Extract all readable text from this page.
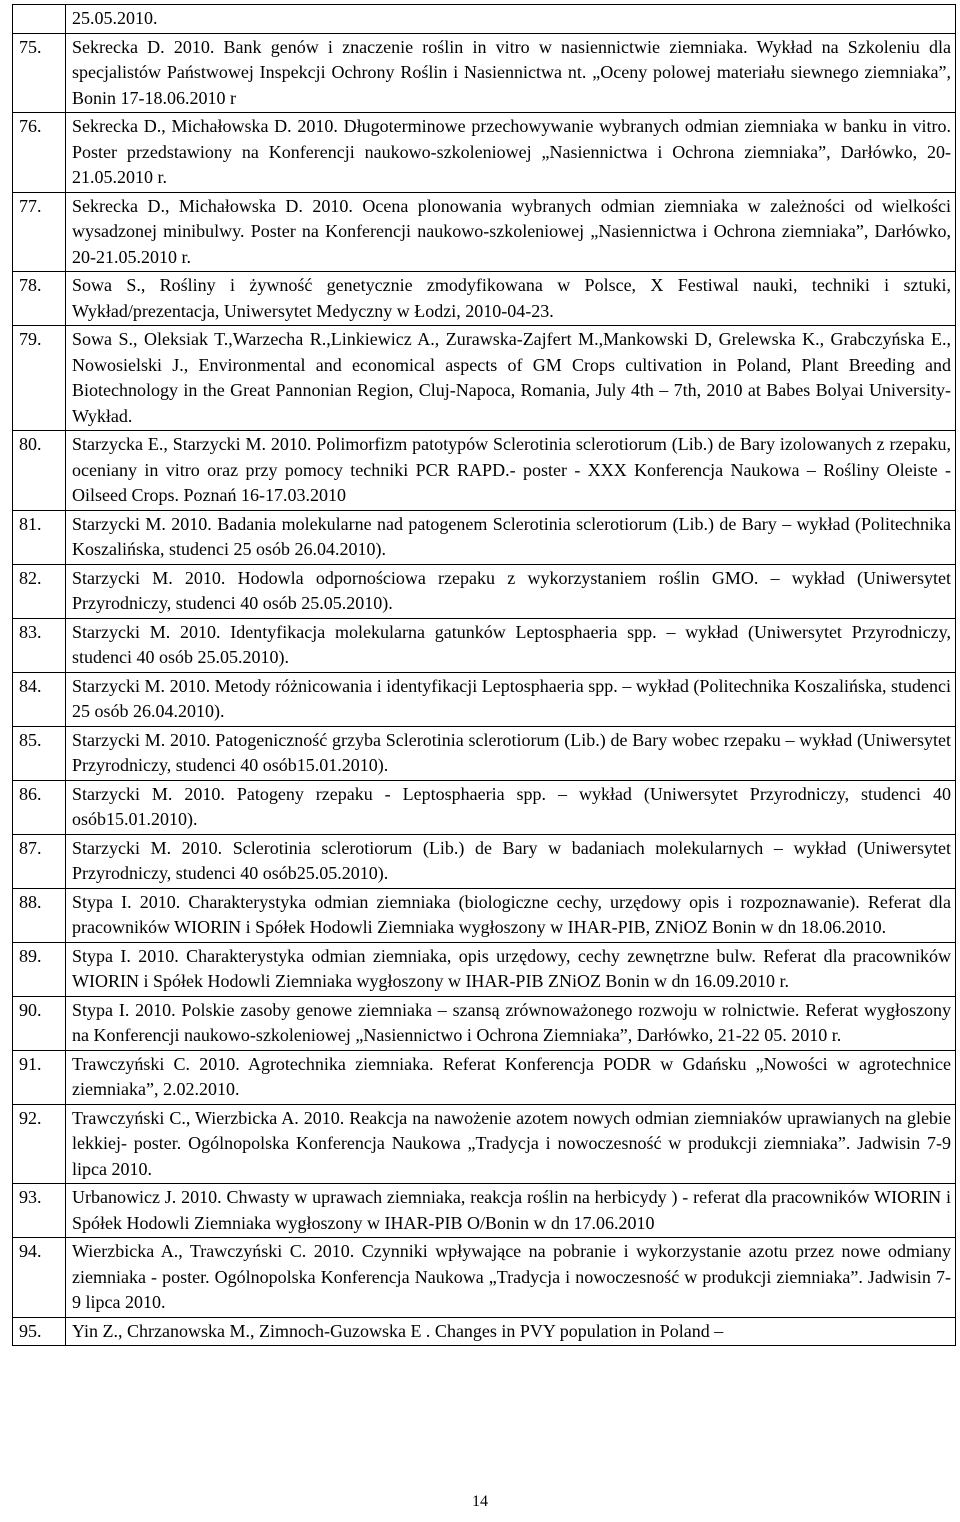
	25.05.2010.
75.	Sekrecka D. 2010. Bank genów i znaczenie roślin in vitro w nasiennictwie ziemniaka. Wykład na Szkoleniu dla specjalistów Państwowej Inspekcji Ochrony Roślin i Nasiennictwa nt. „Oceny polowej materiału siewnego ziemniaka”, Bonin 17-18.06.2010 r
76.	Sekrecka D., Michałowska D. 2010. Długoterminowe przechowywanie wybranych odmian ziemniaka w banku in vitro. Poster przedstawiony na Konferencji naukowo-szkoleniowej „Nasiennictwa i Ochrona ziemniaka”, Darłówko, 20-21.05.2010 r.
77.	Sekrecka D., Michałowska D. 2010. Ocena plonowania wybranych odmian ziemniaka w zależności od wielkości wysadzonej minibulwy. Poster na Konferencji naukowo-szkoleniowej „Nasiennictwa i Ochrona ziemniaka”, Darłówko, 20-21.05.2010 r.
78.	Sowa S., Rośliny i żywność genetycznie zmodyfikowana w Polsce, X Festiwal nauki, techniki i sztuki, Wykład/prezentacja, Uniwersytet Medyczny w Łodzi, 2010-04-23.
79.	Sowa S., Oleksiak T.,Warzecha R.,Linkiewicz A., Zurawska-Zajfert M.,Mankowski D, Grelewska K., Grabczyńska E., Nowosielski J., Environmental and economical aspects of GM Crops cultivation in Poland, Plant Breeding and Biotechnology in the Great Pannonian Region, Cluj-Napoca, Romania, July 4th – 7th, 2010 at Babes Bolyai University- Wykład.
80.	Starzycka E., Starzycki M. 2010. Polimorfizm patotypów Sclerotinia sclerotiorum (Lib.) de Bary izolowanych z rzepaku, oceniany in vitro oraz przy pomocy techniki PCR RAPD.- poster - XXX Konferencja Naukowa – Rośliny Oleiste - Oilseed Crops. Poznań 16-17.03.2010
81.	Starzycki M. 2010. Badania molekularne nad patogenem Sclerotinia sclerotiorum (Lib.) de Bary – wykład (Politechnika Koszalińska, studenci 25 osób 26.04.2010).
82.	Starzycki M. 2010. Hodowla odpornościowa rzepaku z wykorzystaniem roślin GMO. – wykład (Uniwersytet Przyrodniczy, studenci 40 osób 25.05.2010).
83.	Starzycki M. 2010. Identyfikacja molekularna gatunków Leptosphaeria spp. – wykład (Uniwersytet Przyrodniczy, studenci 40 osób 25.05.2010).
84.	Starzycki M. 2010. Metody różnicowania i identyfikacji Leptosphaeria spp. – wykład (Politechnika Koszalińska, studenci 25 osób 26.04.2010).
85.	Starzycki M. 2010. Patogeniczność grzyba Sclerotinia sclerotiorum (Lib.) de Bary wobec rzepaku – wykład (Uniwersytet Przyrodniczy, studenci 40 osób15.01.2010).
86.	Starzycki M. 2010. Patogeny rzepaku - Leptosphaeria spp. – wykład (Uniwersytet Przyrodniczy, studenci 40 osób15.01.2010).
87.	Starzycki M. 2010. Sclerotinia sclerotiorum (Lib.) de Bary w badaniach molekularnych – wykład (Uniwersytet Przyrodniczy, studenci 40 osób25.05.2010).
88.	Stypa I. 2010. Charakterystyka odmian ziemniaka (biologiczne cechy, urzędowy opis i rozpoznawanie). Referat dla pracowników WIORIN i Spółek Hodowli Ziemniaka wygłoszony w IHAR-PIB, ZNiOZ Bonin w dn 18.06.2010.
89.	Stypa I. 2010. Charakterystyka odmian ziemniaka, opis urzędowy, cechy zewnętrzne bulw. Referat dla pracowników WIORIN i Spółek Hodowli Ziemniaka wygłoszony w IHAR-PIB ZNiOZ Bonin w dn 16.09.2010 r.
90.	Stypa I. 2010. Polskie zasoby genowe ziemniaka – szansą zrównoważonego rozwoju w rolnictwie. Referat wygłoszony na Konferencji naukowo-szkoleniowej „Nasiennictwo i Ochrona Ziemniaka”, Darłówko, 21-22 05. 2010 r.
91.	Trawczyński C. 2010. Agrotechnika ziemniaka. Referat Konferencja PODR w Gdańsku „Nowości w agrotechnice ziemniaka”, 2.02.2010.
92.	Trawczyński C., Wierzbicka A. 2010. Reakcja na nawożenie azotem nowych odmian ziemniaków uprawianych na glebie lekkiej- poster. Ogólnopolska Konferencja Naukowa „Tradycja i nowoczesność w produkcji ziemniaka”. Jadwisin 7-9 lipca 2010.
93.	Urbanowicz J. 2010. Chwasty w uprawach ziemniaka, reakcja roślin na herbicydy ) - referat dla pracowników WIORIN i Spółek Hodowli Ziemniaka wygłoszony w IHAR-PIB O/Bonin w dn 17.06.2010
94.	Wierzbicka A., Trawczyński C. 2010. Czynniki wpływające na pobranie i wykorzystanie azotu przez nowe odmiany ziemniaka - poster. Ogólnopolska Konferencja Naukowa „Tradycja i nowoczesność w produkcji ziemniaka”. Jadwisin 7-9 lipca 2010.
95.	Yin Z., Chrzanowska M., Zimnoch-Guzowska E . Changes in PVY population in Poland –
14
